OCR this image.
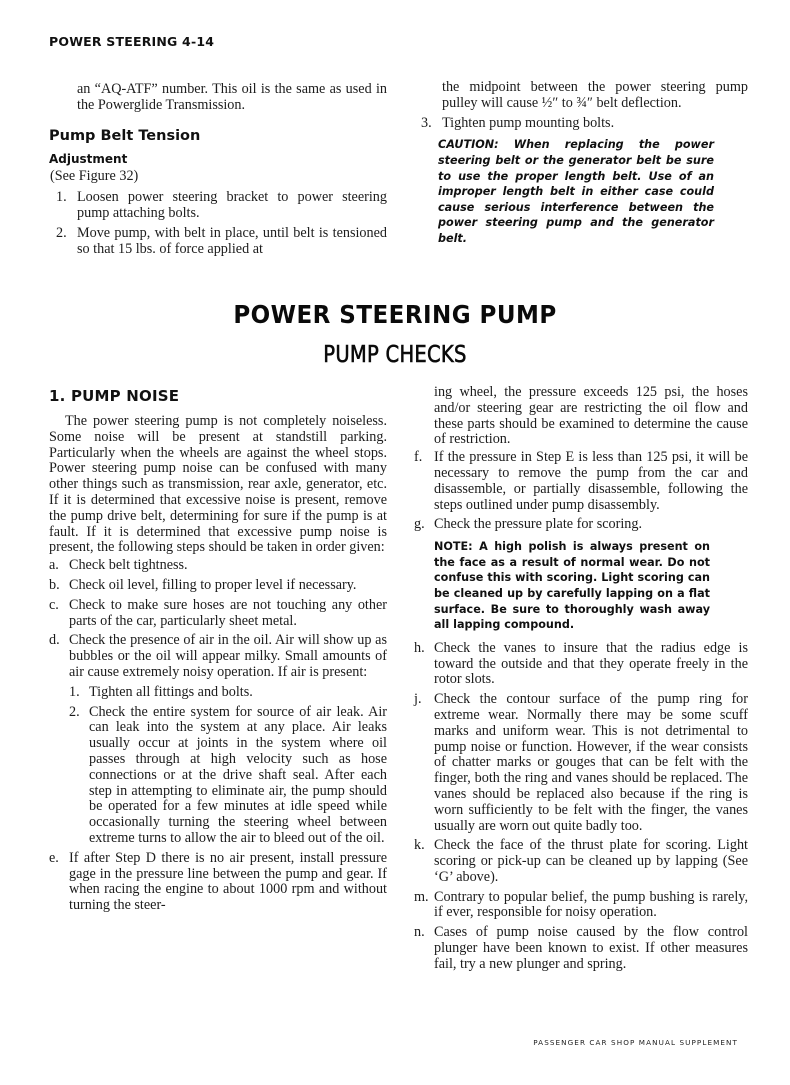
POWER STEERING 4-14

an “AQ-ATF” number. This oil is the same as used in the Powerglide Transmission.

Pump Belt Tension
Adjustment

(See Figure 32)

1. Loosen power steering bracket to power steering pump attaching bolts.
2. Move pump, with belt in place, until belt is tensioned so that 15 lbs. of force applied at
the midpoint between the power steering pump pulley will cause ½″ to ¾″ belt deflection.
3. Tighten pump mounting bolts.
CAUTION: When replacing the power steering belt or the generator belt be sure to use the proper length belt. Use of an improper length belt in either case could cause serious interference between the power steering pump and the generator belt.
POWER STEERING PUMP
PUMP CHECKS
1. PUMP NOISE

The power steering pump is not completely noiseless. Some noise will be present at standstill parking. Particularly when the wheels are against the wheel stops. Power steering pump noise can be confused with many other things such as transmission, rear axle, generator, etc. If it is determined that excessive noise is present, remove the pump drive belt, determining for sure if the pump is at fault. If it is determined that excessive pump noise is present, the following steps should be taken in order given:

a. Check belt tightness.
b. Check oil level, filling to proper level if necessary.
c. Check to make sure hoses are not touching any other parts of the car, particularly sheet metal.
d. Check the presence of air in the oil. Air will show up as bubbles or the oil will appear milky. Small amounts of air cause extremely noisy operation. If air is present:
1. Tighten all fittings and bolts.
2. Check the entire system for source of air leak. Air can leak into the system at any place. Air leaks usually occur at joints in the system where oil passes through at high velocity such as hose connections or at the drive shaft seal. After each step in attempting to eliminate air, the pump should be operated for a few minutes at idle speed while occasionally turning the steering wheel between extreme turns to allow the air to bleed out of the oil.
e. If after Step D there is no air present, install pressure gage in the pressure line between the pump and gear. If when racing the engine to about 1000 rpm and without turning the steer-

ing wheel, the pressure exceeds 125 psi, the hoses and/or steering gear are restricting the oil flow and these parts should be examined to determine the cause of restriction.

f. If the pressure in Step E is less than 125 psi, it will be necessary to remove the pump from the car and disassemble, or partially disassemble, following the steps outlined under pump disassembly.
g. Check the pressure plate for scoring.
NOTE: A high polish is always present on the face as a result of normal wear. Do not confuse this with scoring. Light scoring can be cleaned up by carefully lapping on a flat surface. Be sure to thoroughly wash away all lapping compound.
h. Check the vanes to insure that the radius edge is toward the outside and that they operate freely in the rotor slots.
j. Check the contour surface of the pump ring for extreme wear. Normally there may be some scuff marks and uniform wear. This is not detrimental to pump noise or function. However, if the wear consists of chatter marks or gouges that can be felt with the finger, both the ring and vanes should be replaced. The vanes should be replaced also because if the ring is worn sufficiently to be felt with the finger, the vanes usually are worn out quite badly too.
k. Check the face of the thrust plate for scoring. Light scoring or pick-up can be cleaned up by lapping (See ‘G’ above).
m. Contrary to popular belief, the pump bushing is rarely, if ever, responsible for noisy operation.
n. Cases of pump noise caused by the flow control plunger have been known to exist. If other measures fail, try a new plunger and spring.
PASSENGER CAR SHOP MANUAL SUPPLEMENT
